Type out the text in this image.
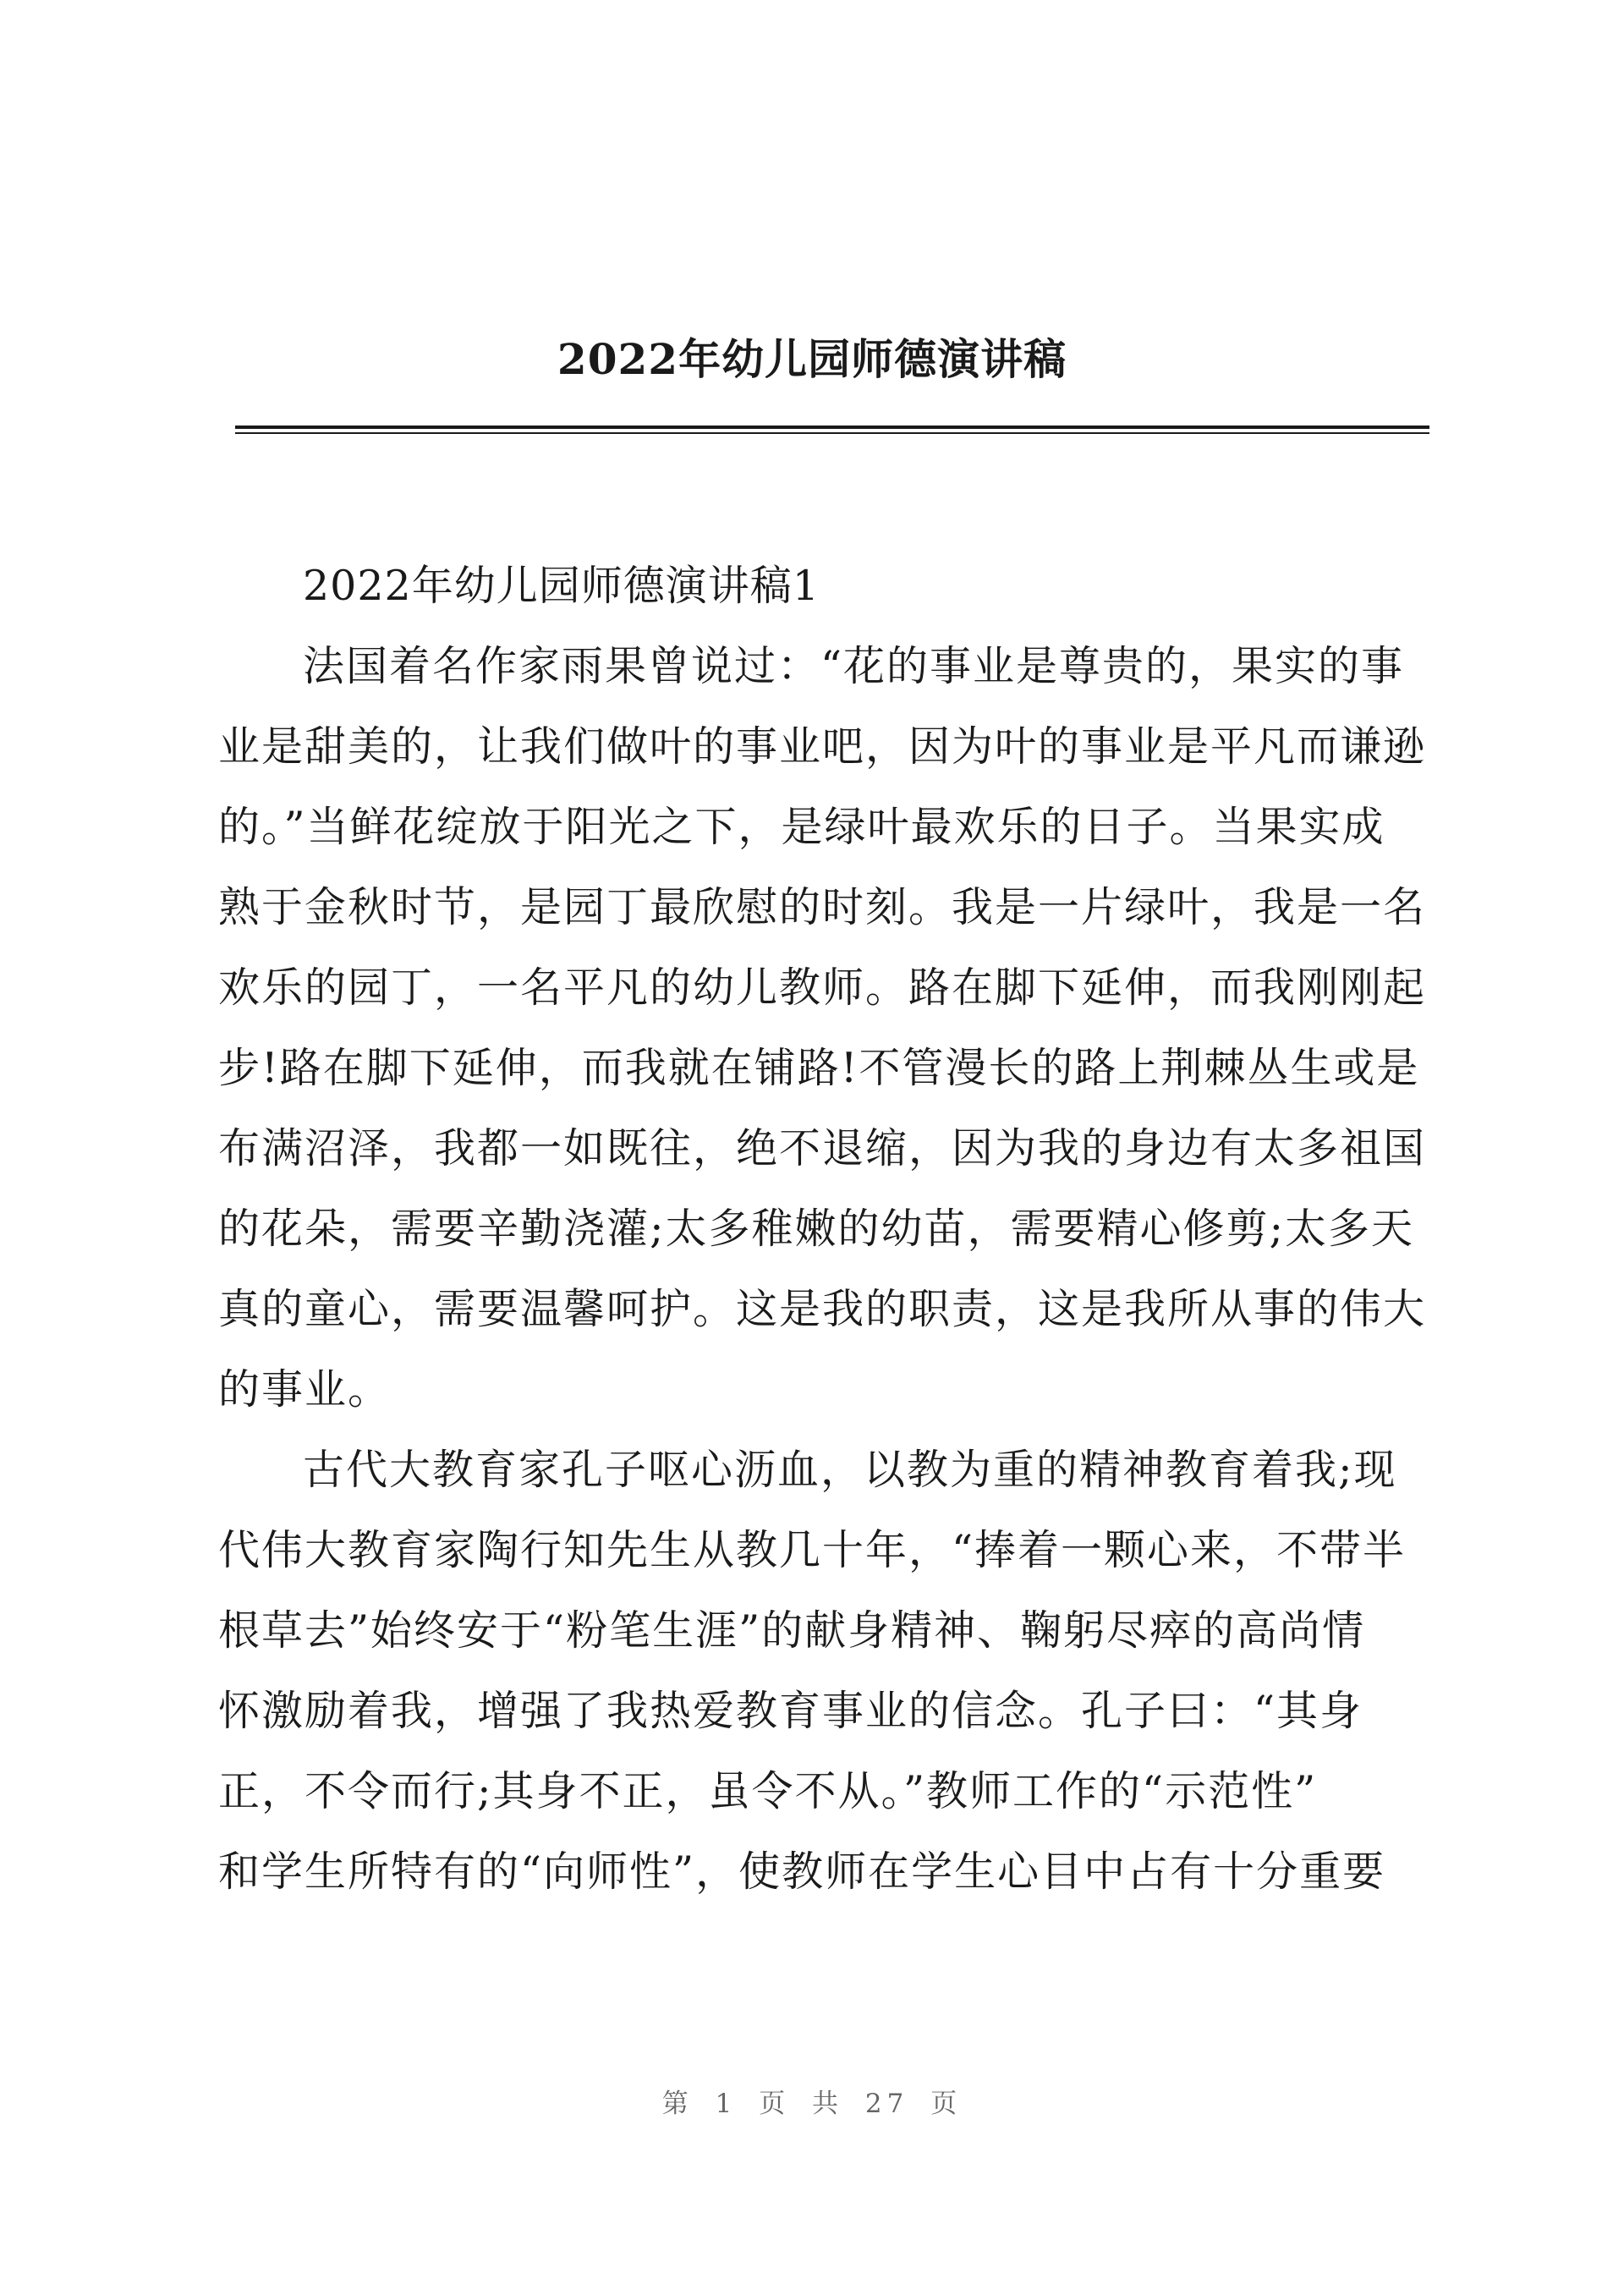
2022年幼儿园师德演讲稿
2022年幼儿园师德演讲稿1
法国着名作家雨果曾说过：“花的事业是尊贵的，果实的事
业是甜美的，让我们做叶的事业吧，因为叶的事业是平凡而谦逊
的。”当鲜花绽放于阳光之下，是绿叶最欢乐的日子。当果实成
熟于金秋时节，是园丁最欣慰的时刻。我是一片绿叶，我是一名
欢乐的园丁，一名平凡的幼儿教师。路在脚下延伸，而我刚刚起
步!路在脚下延伸，而我就在铺路!不管漫长的路上荆棘丛生或是
布满沼泽，我都一如既往，绝不退缩，因为我的身边有太多祖国
的花朵，需要辛勤浇灌;太多稚嫩的幼苗，需要精心修剪;太多天
真的童心，需要温馨呵护。这是我的职责，这是我所从事的伟大
的事业。
古代大教育家孔子呕心沥血，以教为重的精神教育着我;现
代伟大教育家陶行知先生从教几十年，“捧着一颗心来，不带半
根草去”始终安于“粉笔生涯”的献身精神、鞠躬尽瘁的高尚情
怀激励着我，增强了我热爱教育事业的信念。孔子曰：“其身
正，不令而行;其身不正，虽令不从。”教师工作的“示范性”
和学生所特有的“向师性”，使教师在学生心目中占有十分重要
第 1 页 共 27 页
